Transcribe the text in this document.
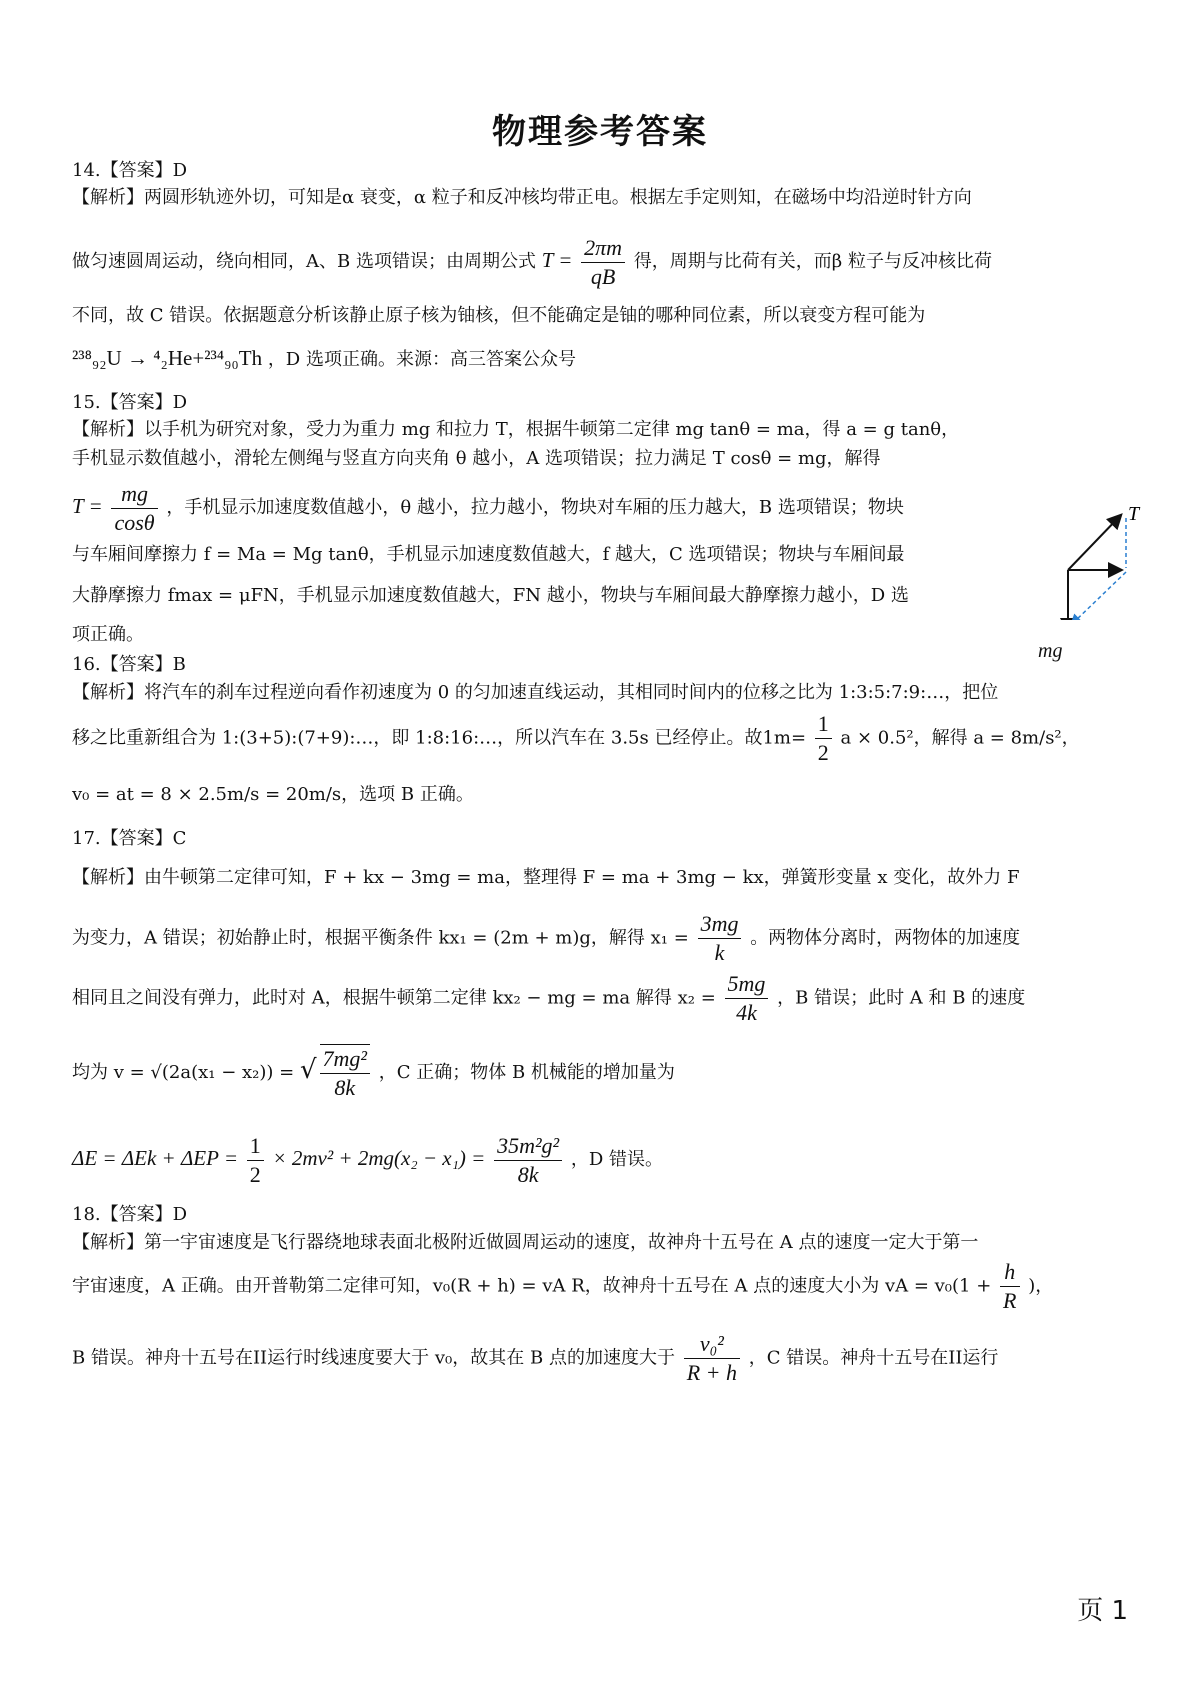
物理参考答案
14.【答案】D
【解析】两圆形轨迹外切，可知是α 衰变，α 粒子和反冲核均带正电。根据左手定则知，在磁场中均沿逆时针方向
做匀速圆周运动，绕向相同，A、B 选项错误；由周期公式 $T = \frac{2\pi m}{qB}$ 得，周期与比荷有关，而β 粒子与反冲核比荷
不同，故 C 错误。依据题意分析该静止原子核为铀核，但不能确定是铀的哪种同位素，所以衰变方程可能为
²³⁸₉₂U → ⁴₂He+²³⁴₉₀Th ，D 选项正确。来源：高三答案公众号
15.【答案】D
【解析】以手机为研究对象，受力为重力 mg 和拉力 T，根据牛顿第二定律 mg tanθ = ma，得 a = g tanθ，
手机显示数值越小，滑轮左侧绳与竖直方向夹角 θ 越小，A 选项错误；拉力满足 T cosθ = mg，解得
$T = \frac{mg}{\cos\theta}$ ，手机显示加速度数值越小，θ 越小，拉力越小，物块对车厢的压力越大，B 选项错误；物块
与车厢间摩擦力 f = Ma = Mg tanθ，手机显示加速度数值越大，f 越大，C 选项错误；物块与车厢间最
大静摩擦力 fmax = μFN，手机显示加速度数值越大，FN 越小，物块与车厢间最大静摩擦力越小，D 选
项正确。
T
mg
16.【答案】B
【解析】将汽车的刹车过程逆向看作初速度为 0 的匀加速直线运动，其相同时间内的位移之比为 1:3:5:7:9:…，把位
移之比重新组合为 1:(3+5):(7+9):…，即 1:8:16:…，所以汽车在 3.5s 已经停止。故$1m= \frac{1}{2}$ a × 0.5²，解得 a = 8m/s²，
v₀ = at = 8 × 2.5m/s = 20m/s，选项 B 正确。
17.【答案】C
【解析】由牛顿第二定律可知，F + kx − 3mg = ma，整理得 F = ma + 3mg − kx，弹簧形变量 x 变化，故外力 F
为变力，A 错误；初始静止时，根据平衡条件 kx₁ = (2m + m)g，解得 $x_1 = \frac{3mg}{k}$ 。两物体分离时，两物体的加速度
相同且之间没有弹力，此时对 A，根据牛顿第二定律 kx₂ − mg = ma 解得 $x_2 = \frac{5mg}{4k}$ ，B 错误；此时 A 和 B 的速度
均为 v = √(2a(x₁ − x₂)) = √ $\frac{\text{7mg²}}{8k}$ ，C 正确；物体 B 机械能的增加量为
$\Delta E = \Delta Ek + \Delta EP = \frac{1}{2} \times 2mv^2 + 2mg(x_2 - x_1) = \frac{\text{35m²g²}}{8k}$ ，D 错误。
18.【答案】D
【解析】第一宇宙速度是飞行器绕地球表面北极附近做圆周运动的速度，故神舟十五号在 A 点的速度一定大于第一
宇宙速度，A 正确。由开普勒第二定律可知，v₀(R + h) = vA R，故神舟十五号在 A 点的速度大小为 vA = $v_0(1 + \frac{h}{R}$ )，
B 错误。神舟十五号在II运行时线速度要大于 v₀，故其在 B 点的加速度大于 $\frac{\text{v₀²}}{R + h}$ ，C 错误。神舟十五号在II运行
页 1
